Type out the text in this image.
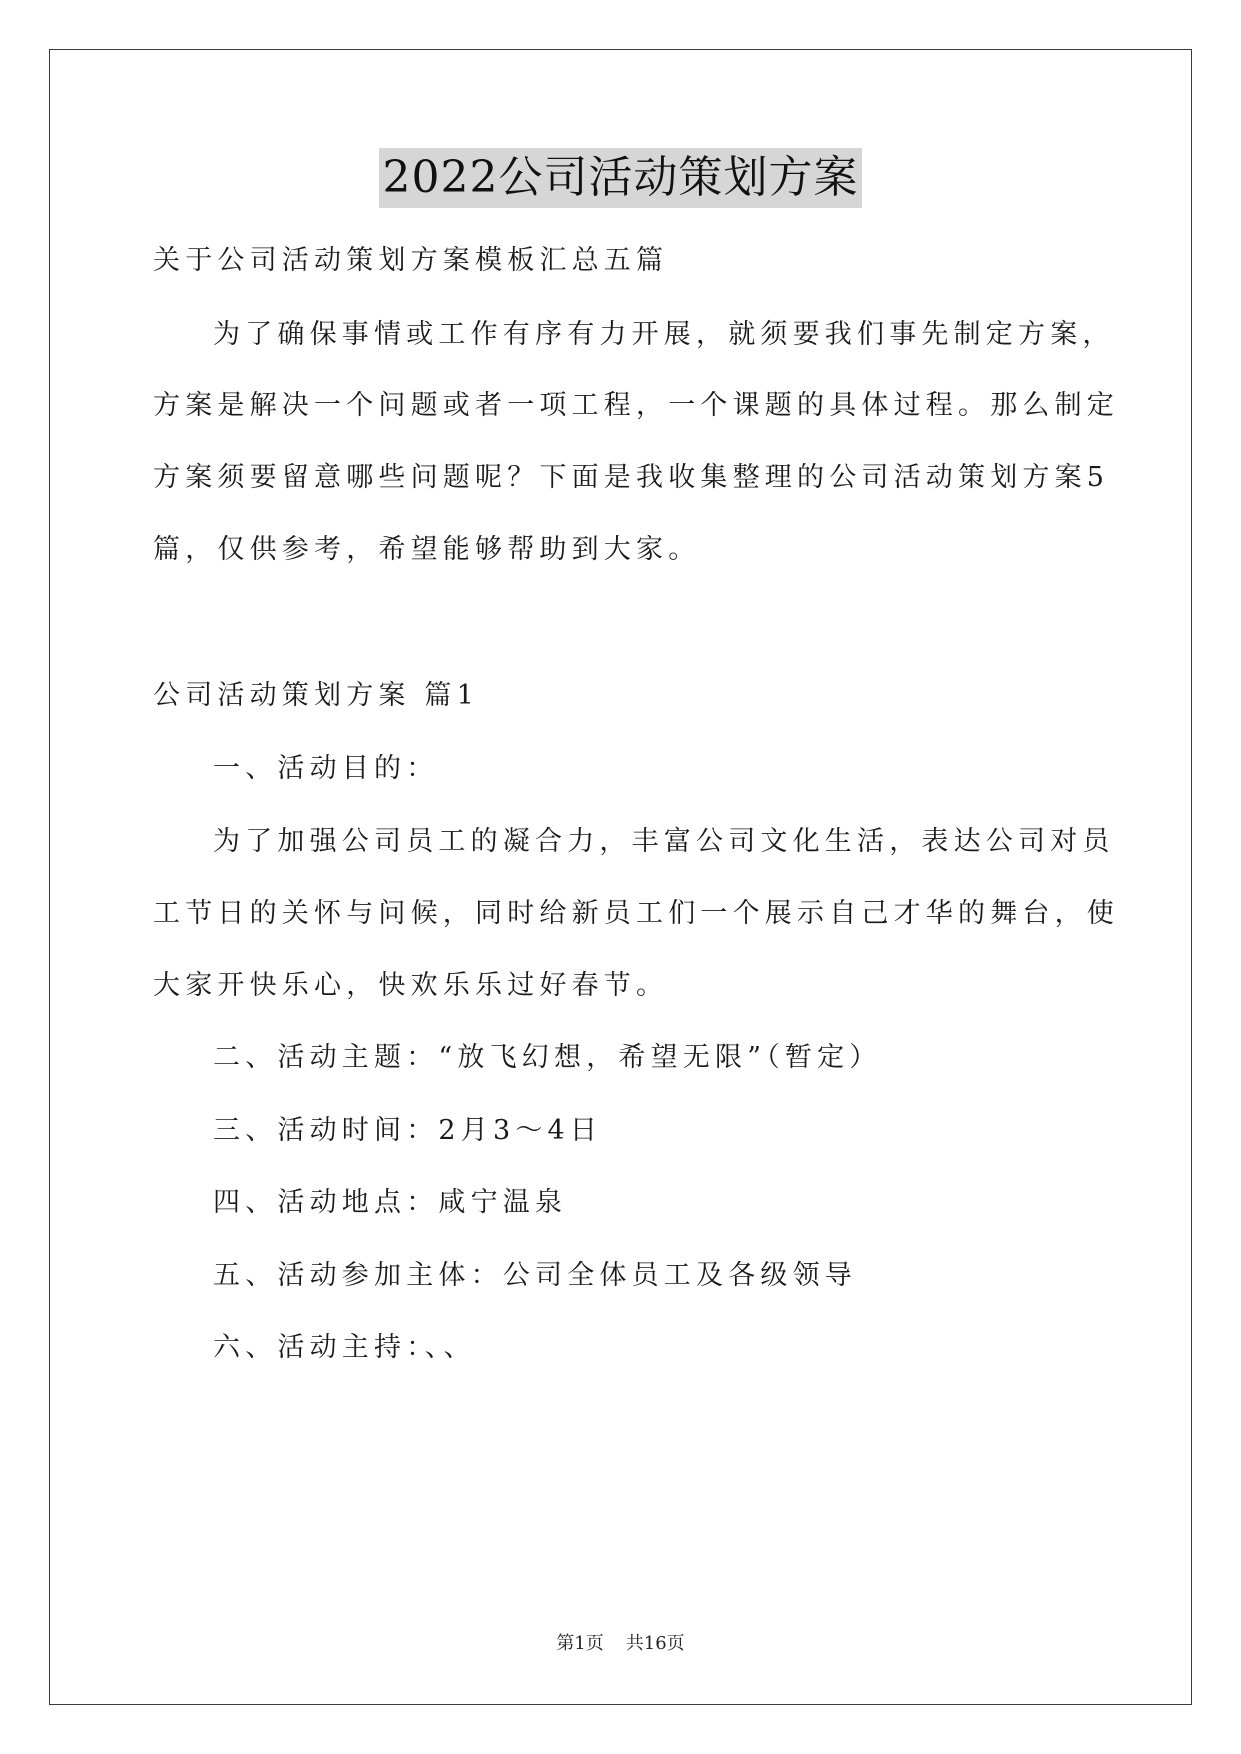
2022公司活动策划方案
关于公司活动策划方案模板汇总五篇
为了确保事情或工作有序有力开展，就须要我们事先制定方案，
方案是解决一个问题或者一项工程，一个课题的具体过程。那么制定
方案须要留意哪些问题呢？下面是我收集整理的公司活动策划方案5
篇，仅供参考，希望能够帮助到大家。
公司活动策划方案 篇1
一、活动目的：
为了加强公司员工的凝合力，丰富公司文化生活，表达公司对员
工节日的关怀与问候，同时给新员工们一个展示自己才华的舞台，使
大家开快乐心，快欢乐乐过好春节。
二、活动主题：“放飞幻想，希望无限”（暂定）
三、活动时间：2月3～4日
四、活动地点：咸宁温泉
五、活动参加主体：公司全体员工及各级领导
六、活动主持：、、
第1页 共16页
